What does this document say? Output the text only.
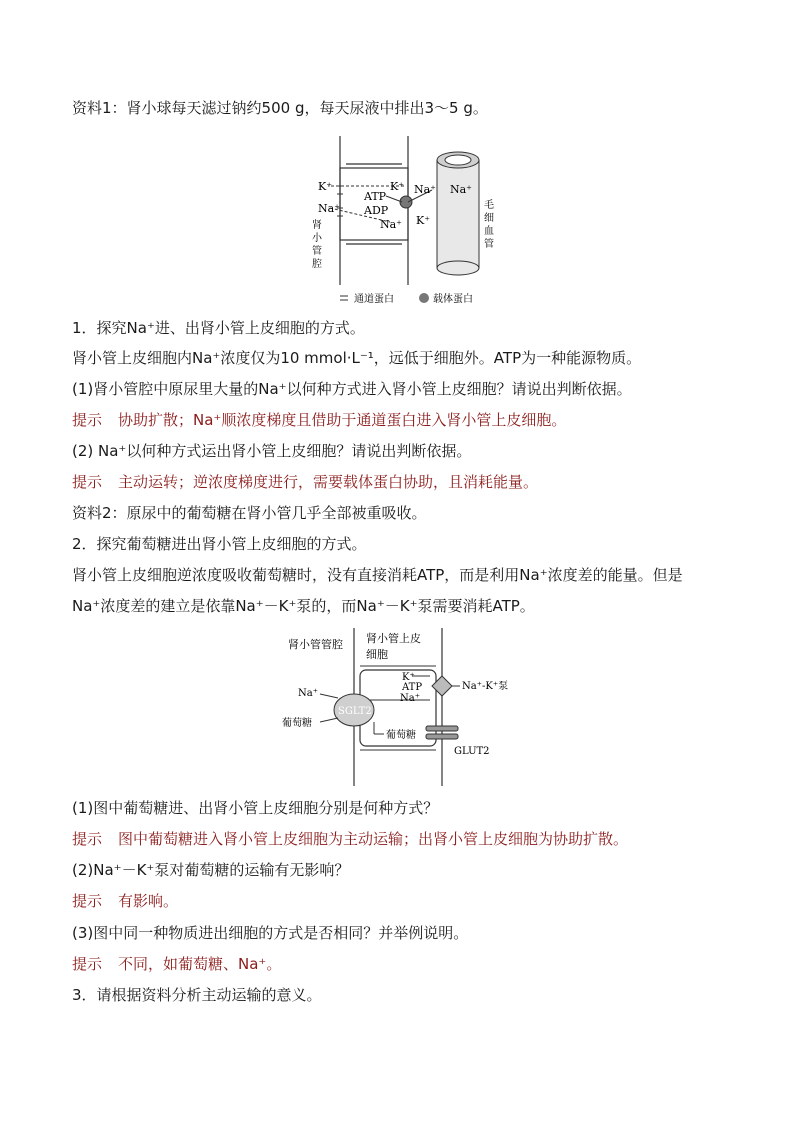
资料1：肾小球每天滤过钠约500 g，每天尿液中排出3～5 g。
K⁺
Na⁺
K⁺
ATP
ADP
Na⁺
Na⁺ Na⁺
K⁺
肾
小
管
腔
毛
细
血
管
通道蛋白	载体蛋白
1．探究Na⁺进、出肾小管上皮细胞的方式。
肾小管上皮细胞内Na⁺浓度仅为10 mmol·L⁻¹，远低于细胞外。ATP为一种能源物质。
(1)肾小管腔中原尿里大量的Na⁺以何种方式进入肾小管上皮细胞？请说出判断依据。
提示 协助扩散；Na⁺顺浓度梯度且借助于通道蛋白进入肾小管上皮细胞。
(2) Na⁺以何种方式运出肾小管上皮细胞？请说出判断依据。
提示 主动运转；逆浓度梯度进行，需要载体蛋白协助，且消耗能量。
资料2：原尿中的葡萄糖在肾小管几乎全部被重吸收。
2．探究葡萄糖进出肾小管上皮细胞的方式。
肾小管上皮细胞逆浓度吸收葡萄糖时，没有直接消耗ATP，而是利用Na⁺浓度差的能量。但是
Na⁺浓度差的建立是依靠Na⁺－K⁺泵的，而Na⁺－K⁺泵需要消耗ATP。
SGLT2
肾小管管腔 肾小管上皮
细胞
K⁺
ATP
Na⁺
Na⁺-K⁺泵
Na⁺
葡萄糖
葡萄糖
GLUT2
(1)图中葡萄糖进、出肾小管上皮细胞分别是何种方式？
提示 图中葡萄糖进入肾小管上皮细胞为主动运输；出肾小管上皮细胞为协助扩散。
(2)Na⁺－K⁺泵对葡萄糖的运输有无影响？
提示 有影响。
(3)图中同一种物质进出细胞的方式是否相同？并举例说明。
提示 不同，如葡萄糖、Na⁺。
3．请根据资料分析主动运输的意义。
